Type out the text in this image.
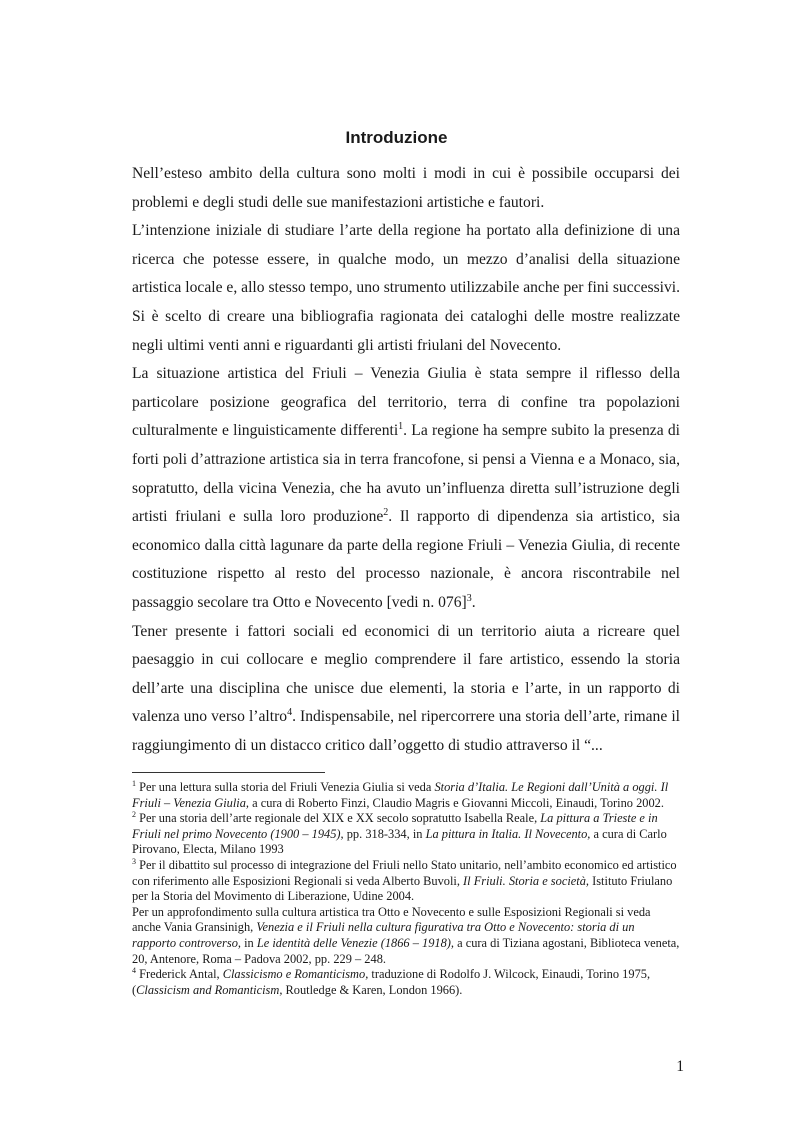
Introduzione

Nell’esteso ambito della cultura sono molti i modi in cui è possibile occuparsi dei problemi e degli studi delle sue manifestazioni artistiche e fautori.

L’intenzione iniziale di studiare l’arte della regione ha portato alla definizione di una ricerca che potesse essere, in qualche modo, un mezzo d’analisi della situazione artistica locale e, allo stesso tempo, uno strumento utilizzabile anche per fini successivi. Si è scelto di creare una bibliografia ragionata dei cataloghi delle mostre realizzate negli ultimi venti anni e riguardanti gli artisti friulani del Novecento.

La situazione artistica del Friuli – Venezia Giulia è stata sempre il riflesso della particolare posizione geografica del territorio, terra di confine tra popolazioni culturalmente e linguisticamente differenti$^1$. La regione ha sempre subito la presenza di forti poli d’attrazione artistica sia in terra francofone, si pensi a Vienna e a Monaco, sia, sopratutto, della vicina Venezia, che ha avuto un’influenza diretta sull’istruzione degli artisti friulani e sulla loro produzione$^2$. Il rapporto di dipendenza sia artistico, sia economico dalla città lagunare da parte della regione Friuli – Venezia Giulia, di recente costituzione rispetto al resto del processo nazionale, è ancora riscontrabile nel passaggio secolare tra Otto e Novecento [vedi n. 076]$^3$.

Tener presente i fattori sociali ed economici di un territorio aiuta a ricreare quel paesaggio in cui collocare e meglio comprendere il fare artistico, essendo la storia dell’arte una disciplina che unisce due elementi, la storia e l’arte, in un rapporto di valenza uno verso l’altro$^4$. Indispensabile, nel ripercorrere una storia dell’arte, rimane il raggiungimento di un distacco critico dall’oggetto di studio attraverso il “...

$^1$ Per una lettura sulla storia del Friuli Venezia Giulia si veda Storia d’Italia. Le Regioni dall’Unità a oggi. Il Friuli – Venezia Giulia, a cura di Roberto Finzi, Claudio Magris e Giovanni Miccoli, Einaudi, Torino 2002.

$^2$ Per una storia dell’arte regionale del XIX e XX secolo sopratutto Isabella Reale, La pittura a Trieste e in Friuli nel primo Novecento (1900 – 1945), pp. 318-334, in La pittura in Italia. Il Novecento, a cura di Carlo Pirovano, Electa, Milano 1993

$^3$ Per il dibattito sul processo di integrazione del Friuli nello Stato unitario, nell’ambito economico ed artistico con riferimento alle Esposizioni Regionali si veda Alberto Buvoli, Il Friuli. Storia e società, Istituto Friulano per la Storia del Movimento di Liberazione, Udine 2004.

Per un approfondimento sulla cultura artistica tra Otto e Novecento e sulle Esposizioni Regionali si veda anche Vania Gransinigh, Venezia e il Friuli nella cultura figurativa tra Otto e Novecento: storia di un rapporto controverso, in Le identità delle Venezie (1866 – 1918), a cura di Tiziana agostani, Biblioteca veneta, 20, Antenore, Roma – Padova 2002, pp. 229 – 248.

$^4$ Frederick Antal, Classicismo e Romanticismo, traduzione di Rodolfo J. Wilcock, Einaudi, Torino 1975, (Classicism and Romanticism, Routledge & Karen, London 1966).

1
